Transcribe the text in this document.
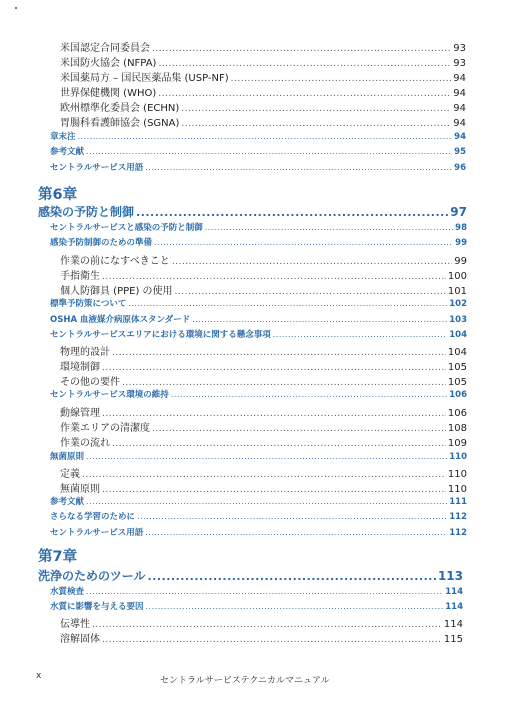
米国認定合同委員会 .....	93
米国防火協会 (NFPA) .....	93
米国薬局方 – 国民医薬品集 (USP-NF) .....	94
世界保健機関 (WHO) .....	94
欧州標準化委員会 (ECHN) .....	94
胃腸科看護師協会 (SGNA) .....	94
章末注 .....	94
参考文献 .....	95
セントラルサービス用語 .....	96
第6章
感染の予防と制御 .....	97
セントラルサービスと感染の予防と制御 .....	98
感染予防制御のための準備 .....	99
作業の前になすべきこと .....	99
手指衛生 .....	100
個人防御具 (PPE) の使用 .....	101
標準予防策について .....	102
OSHA 血液媒介病原体スタンダード .....	103
セントラルサービスエリアにおける環境に関する懸念事項 .....	104
物理的設計 .....	104
環境制御 .....	105
その他の要件 .....	105
セントラルサービス環境の維持 .....	106
動線管理 .....	106
作業エリアの清潔度 .....	108
作業の流れ .....	109
無菌原則 .....	110
定義 .....	110
無菌原則 .....	110
参考文献 .....	111
さらなる学習のために .....	112
セントラルサービス用語 .....	112
第7章
洗浄のためのツール .....	113
水質検査 .....	114
水質に影響を与える要因 .....	114
伝導性 .....	114
溶解固体 .....	115
x	セントラルサービステクニカルマニュアル
